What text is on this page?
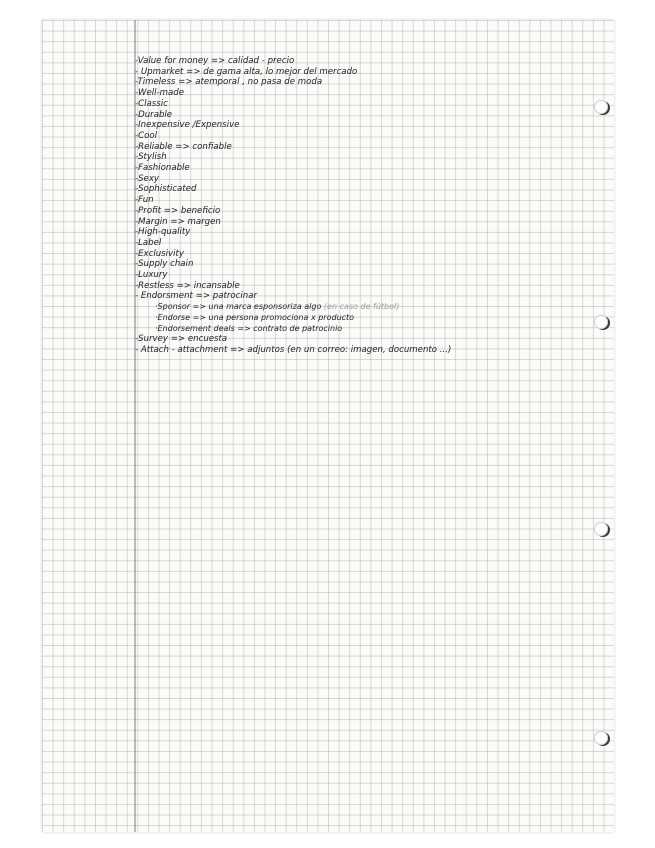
-Value for money => calidad - precio
- Upmarket => de gama alta, lo mejor del mercado
-Timeless => atemporal , no pasa de moda
-Well-made
-Classic
-Durable
-Inexpensive /Expensive
-Cool
-Reliable => confiable
-Stylish
-Fashionable
-Sexy
-Sophisticated
-Fun
-Profit => beneficio
-Margin => margen
-High-quality
-Label
-Exclusivity
-Supply chain
-Luxury
-Restless => incansable
- Endorsment => patrocinar
·Sponsor => una marca esponsoriza algo (en caso de fútbol)
·Endorse => una persona promociona x producto
·Endorsement deals => contrato de patrocinio
-Survey => encuesta
- Attach - attachment => adjuntos (en un correo: imagen, documento ...)
